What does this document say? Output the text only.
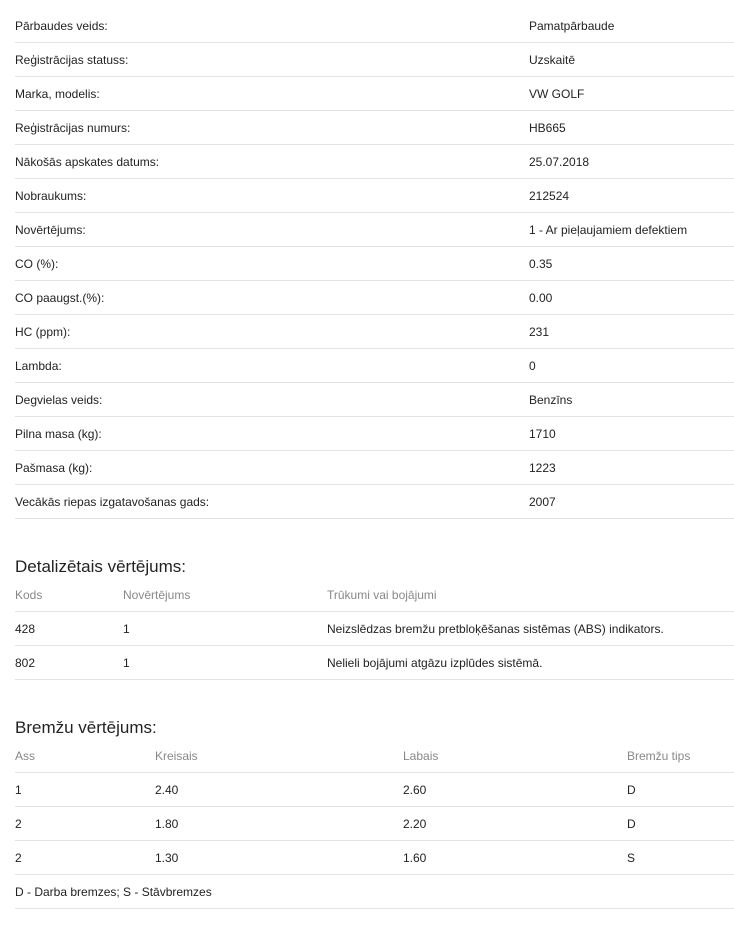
Pārbaudes veids:	Pamatpārbaude
Reģistrācijas statuss:	Uzskaitē
Marka, modelis:	VW GOLF
Reģistrācijas numurs:	HB665
Nākošās apskates datums:	25.07.2018
Nobraukums:	212524
Novērtējums:	1 - Ar pieļaujamiem defektiem
CO (%):	0.35
CO paaugst.(%):	0.00
HC (ppm):	231
Lambda:	0
Degvielas veids:	Benzīns
Pilna masa (kg):	1710
Pašmasa (kg):	1223
Vecākās riepas izgatavošanas gads:	2007
Detalizētais vērtējums:
Kods	Novērtējums	Trūkumi vai bojājumi
428	1	Neizslēdzas bremžu pretbloķēšanas sistēmas (ABS) indikators.
802	1	Nelieli bojājumi atgāzu izplūdes sistēmā.
Bremžu vērtējums:
Ass	Kreisais	Labais	Bremžu tips
1	2.40	2.60	D
2	1.80	2.20	D
2	1.30	1.60	S
D - Darba bremzes; S - Stāvbremzes
